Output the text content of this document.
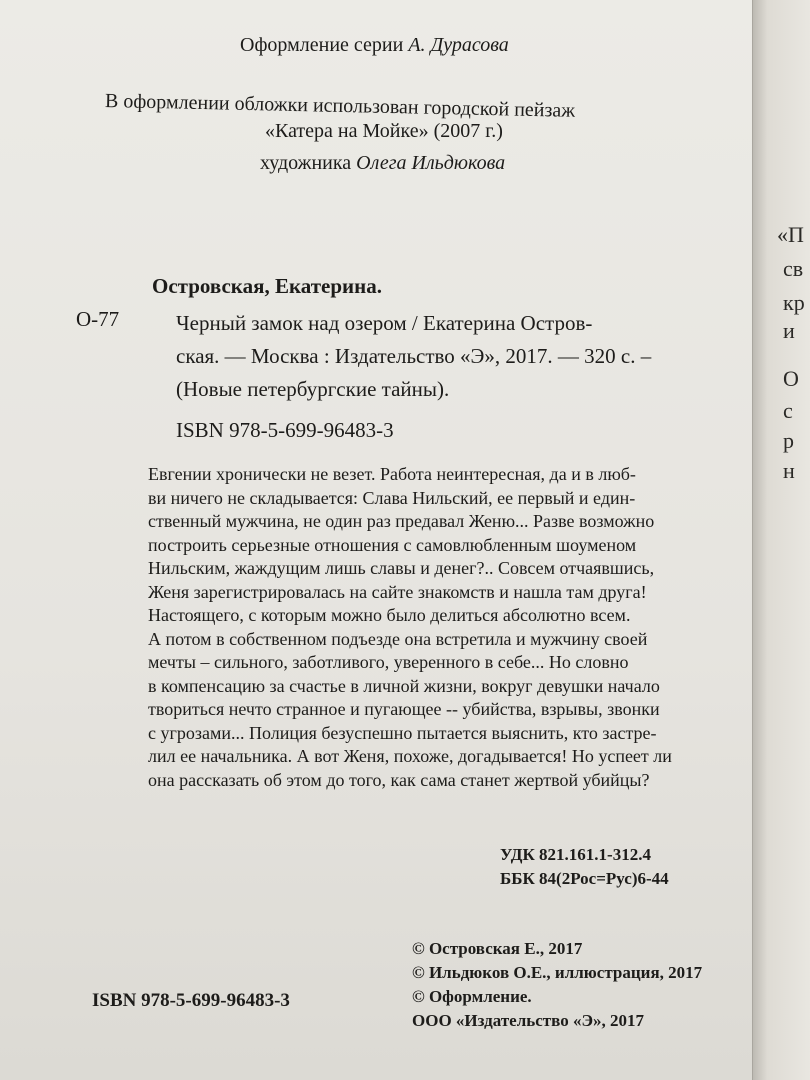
Оформление серии А. Дурасова
В оформлении обложки использован городской пейзаж
«Катера на Мойке» (2007 г.)
художника Олега Ильдюкова
Островская, Екатерина.
О-77	Черный замок над озером / Екатерина Остров-
ская. — Москва : Издательство «Э», 2017. — 320 с. –
(Новые петербургские тайны).
ISBN 978-5-699-96483-3
Евгении хронически не везет. Работа неинтересная, да и в люб-
ви ничего не складывается: Слава Нильский, ее первый и един-
ственный мужчина, не один раз предавал Женю... Разве возможно
построить серьезные отношения с самовлюбленным шоуменом
Нильским, жаждущим лишь славы и денег?.. Совсем отчаявшись,
Женя зарегистрировалась на сайте знакомств и нашла там друга!
Настоящего, с которым можно было делиться абсолютно всем.
А потом в собственном подъезде она встретила и мужчину своей
мечты – сильного, заботливого, уверенного в себе... Но словно
в компенсацию за счастье в личной жизни, вокруг девушки начало
твориться нечто странное и пугающее -- убийства, взрывы, звонки
с угрозами... Полиция безуспешно пытается выяснить, кто застре-
лил ее начальника. А вот Женя, похоже, догадывается! Но успеет ли
она рассказать об этом до того, как сама станет жертвой убийцы?
УДК 821.161.1-312.4
ББК 84(2Рос=Рус)6-44
© Островская Е., 2017
© Ильдюков О.Е., иллюстрация, 2017
© Оформление.
ООО «Издательство «Э», 2017
ISBN 978-5-699-96483-3
«П
св
кр
и
О
с
р
н
